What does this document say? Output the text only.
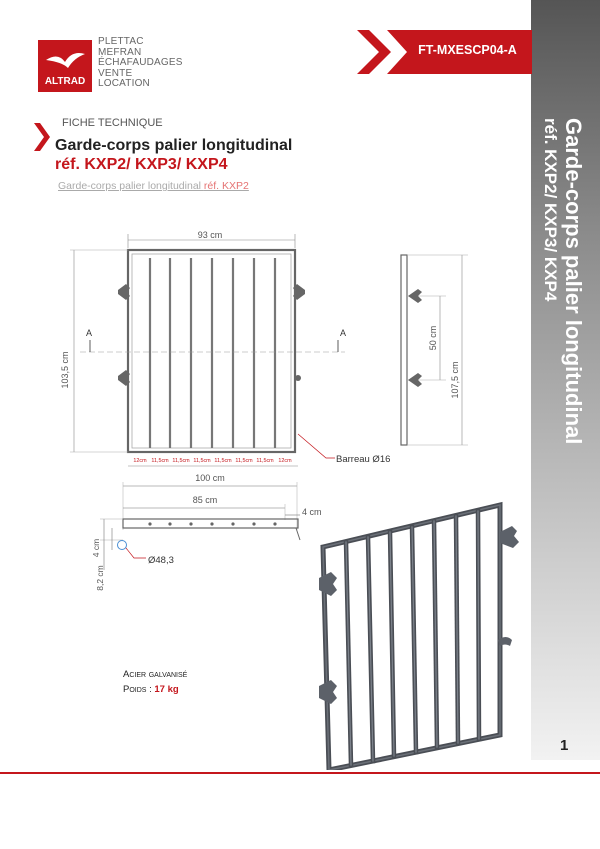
Garde-corps palier longitudinal
réf. KXP2/ KXP3/ KXP4
1
ALTRAD
PLETTAC
MEFRAN
ÉCHAFAUDAGES
VENTE
LOCATION
FT-MXESCP04-A
FICHE TECHNIQUE
Garde-corps palier longitudinal
réf. KXP2/ KXP3/ KXP4
Garde-corps palier longitudinal réf. KXP2
93 cm
103,5 cm
A	A
12cm 11,5cm 11,5cm 11,5cm 11,5cm 11,5cm 11,5cm 12cm	Barreau Ø16
50 cm
107,5 cm
100 cm
85 cm
4 cm
4 cm
8,2 cm
Ø48,3
Acier galvanisé
Poids : 17 kg
